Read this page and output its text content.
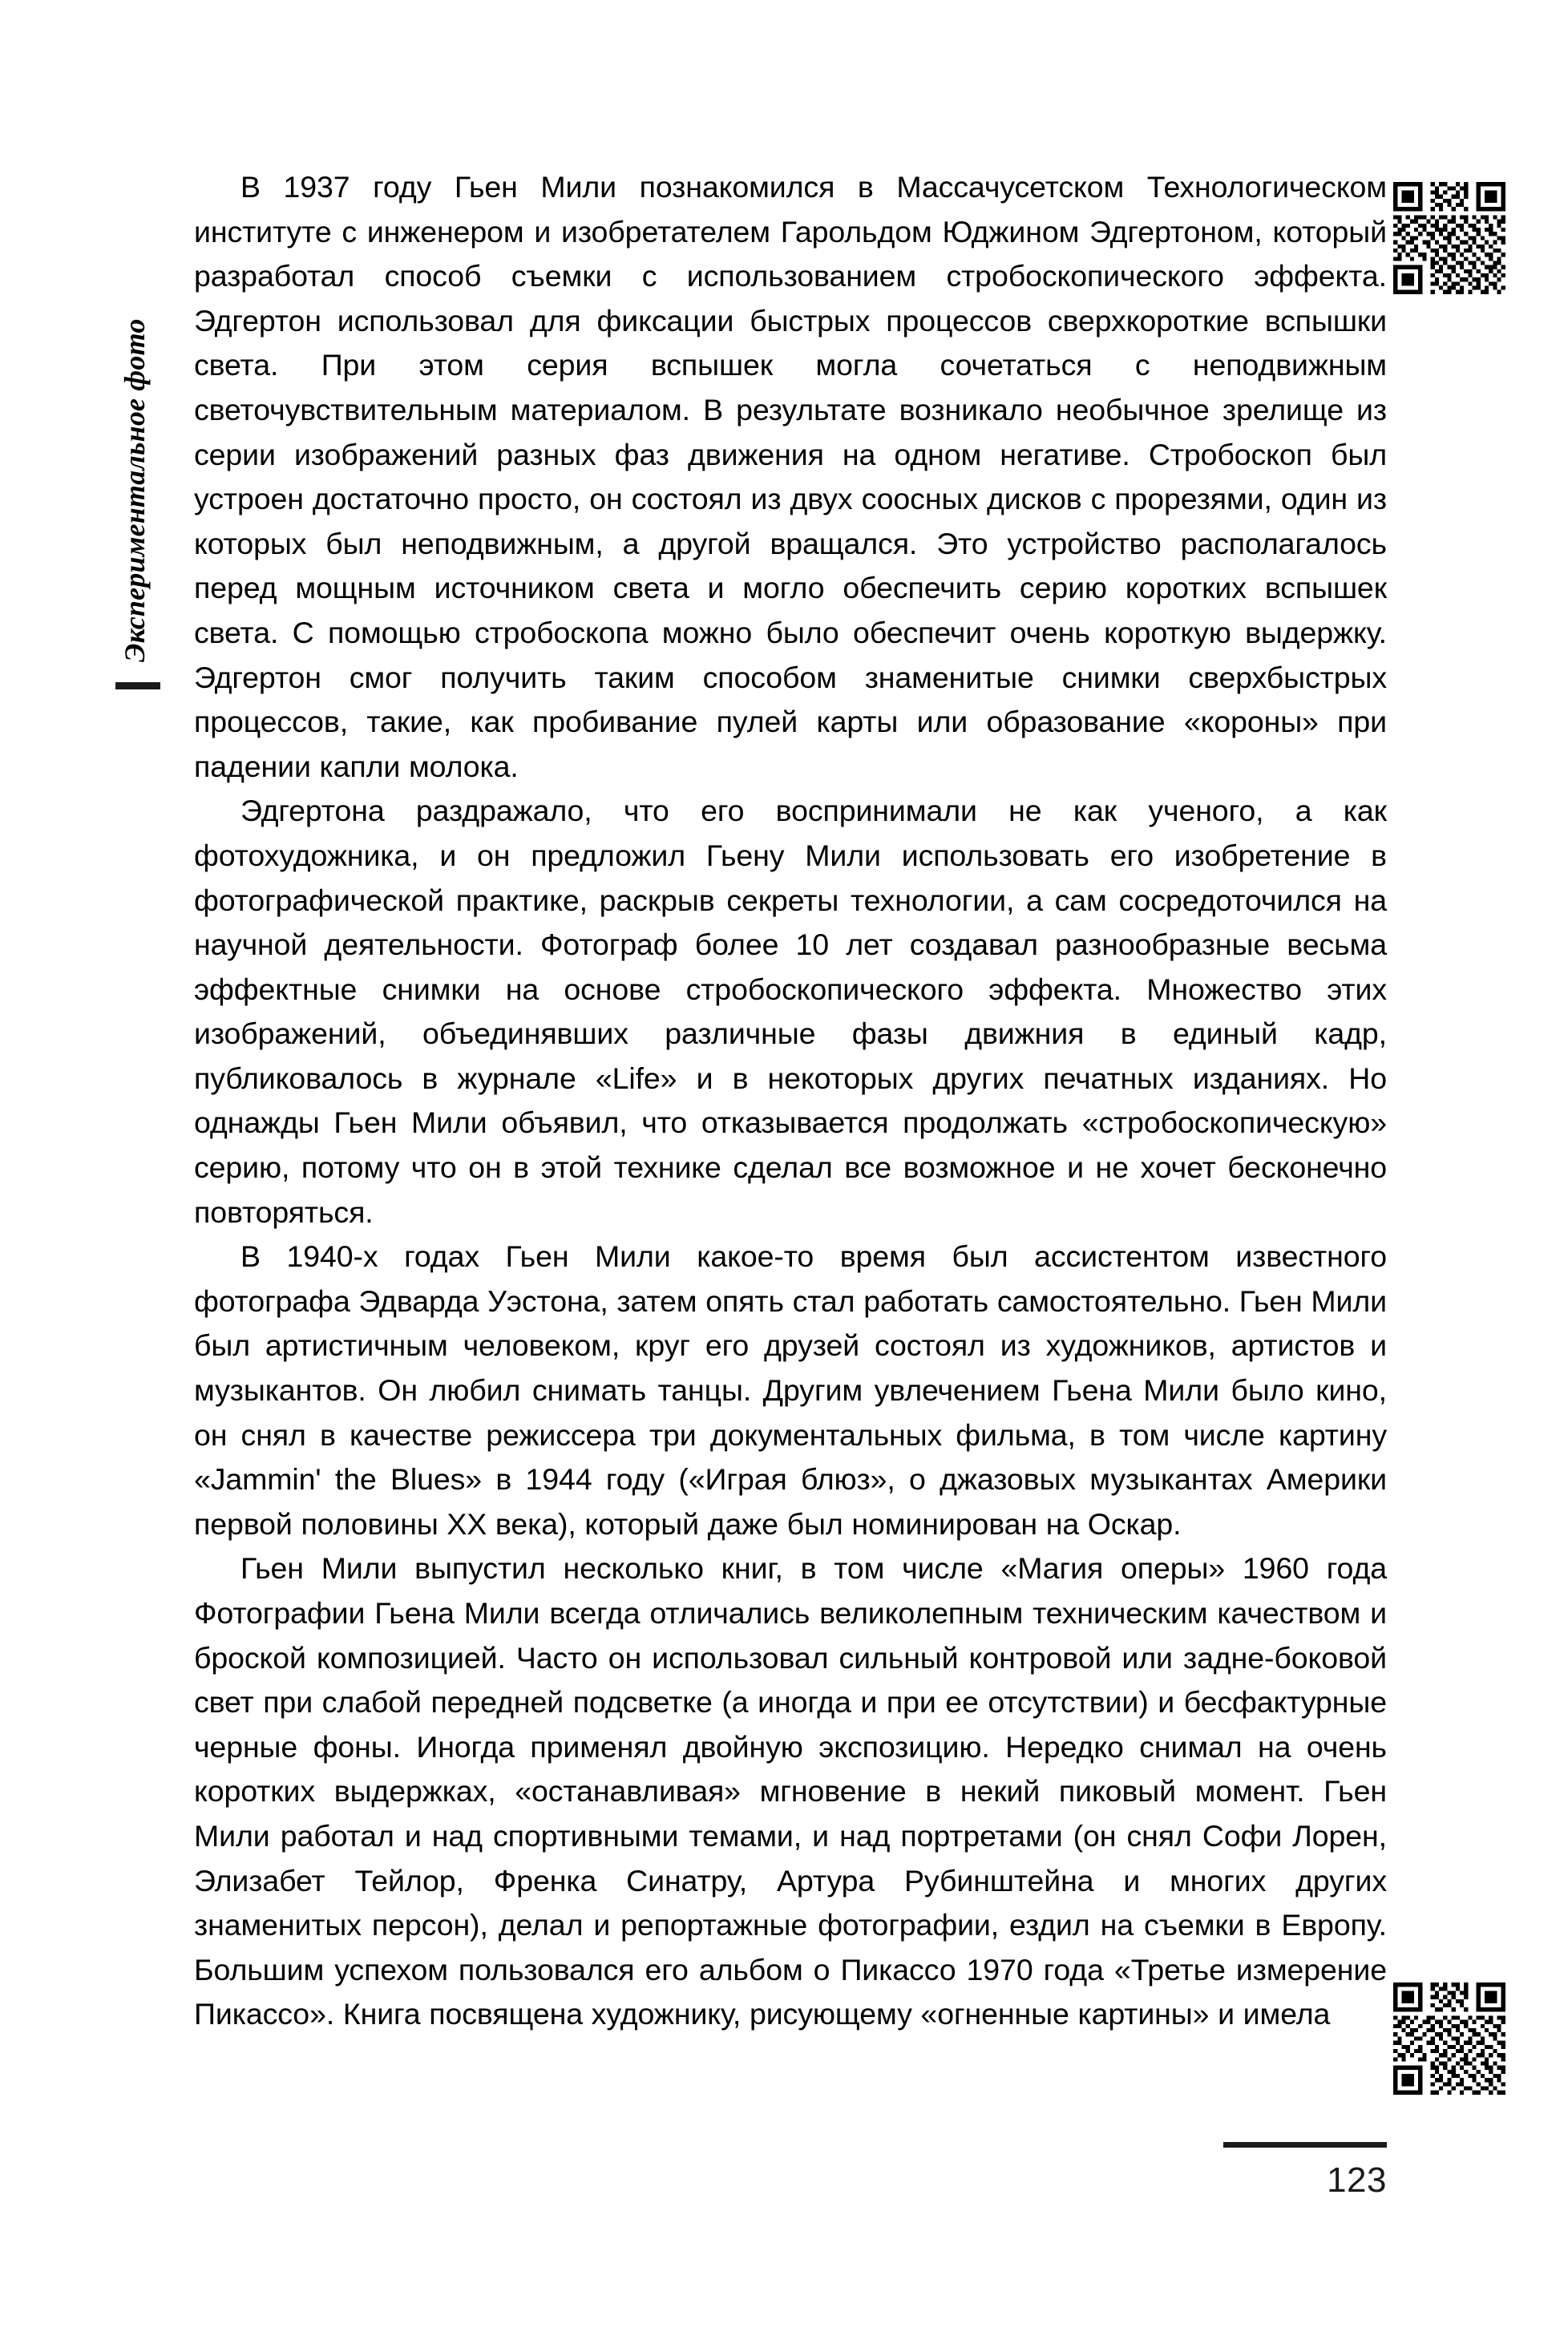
Экспериментальное фото

В 1937 году Гьен Мили познакомился в Массачусетском Технологическом институте с инженером и изобретателем Гарольдом Юджином Эдгертоном, который разработал способ съемки с использованием стробоскопического эффекта. Эдгертон использовал для фиксации быстрых процессов сверхкороткие вспышки света. При этом серия вспышек могла сочетаться с неподвижным светочувствительным материалом. В результате возникало необычное зрелище из серии изображений разных фаз движения на одном негативе. Стробоскоп был устроен достаточно просто, он состоял из двух соосных дисков с прорезями, один из которых был неподвижным, а другой вращался. Это устройство располагалось перед мощным источником света и могло обеспечить серию коротких вспышек света. С помощью стробоскопа можно было обеспечит очень короткую выдержку. Эдгертон смог получить таким способом знаменитые снимки сверхбыстрых процессов, такие, как пробивание пулей карты или образование «короны» при падении капли молока.

Эдгертона раздражало, что его воспринимали не как ученого, а как фотохудожника, и он предложил Гьену Мили использовать его изобретение в фотографической практике, раскрыв секреты технологии, а сам сосредоточился на научной деятельности. Фотограф более 10 лет создавал разнообразные весьма эффектные снимки на основе стробоскопического эффекта. Множество этих изображений, объединявших различные фазы движния в единый кадр, публиковалось в журнале «Life» и в некоторых других печатных изданиях. Но однажды Гьен Мили объявил, что отказывается продолжать «стробоскопическую» серию, потому что он в этой технике сделал все возможное и не хочет бесконечно повторяться.

В 1940-х годах Гьен Мили какое-то время был ассистентом известного фотографа Эдварда Уэстона, затем опять стал работать самостоятельно. Гьен Мили был артистичным человеком, круг его друзей состоял из художников, артистов и музыкантов. Он любил снимать танцы. Другим увлечением Гьена Мили было кино, он снял в качестве режиссера три документальных фильма, в том числе картину «Jammin' the Blues» в 1944 году («Играя блюз», о джазовых музыкантах Америки первой половины XX века), который даже был номинирован на Оскар.

Гьен Мили выпустил несколько книг, в том числе «Магия оперы» 1960 года Фотографии Гьена Мили всегда отличались великолепным техническим качеством и броской композицией. Часто он использовал сильный контровой или задне-боковой свет при слабой передней подсветке (а иногда и при ее отсутствии) и бесфактурные черные фоны. Иногда применял двойную экспозицию. Нередко снимал на очень коротких выдержках, «останавливая» мгновение в некий пиковый момент. Гьен Мили работал и над спортивными темами, и над портретами (он снял Софи Лорен, Элизабет Тейлор, Френка Синатру, Артура Рубинштейна и многих других знаменитых персон), делал и репортажные фотографии, ездил на съемки в Европу. Большим успехом пользовался его альбом о Пикассо 1970 года «Третье измерение Пикассо». Книга посвящена художнику, рисующему «огненные картины» и имела

123
